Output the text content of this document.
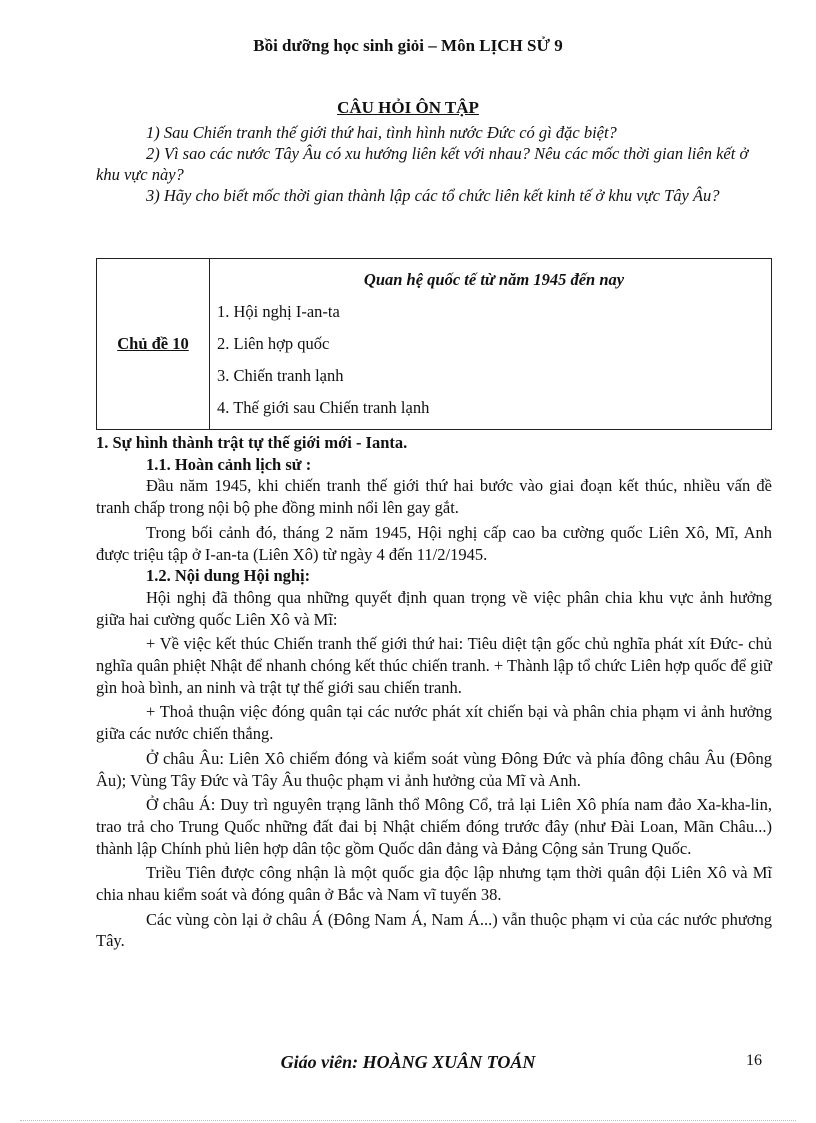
Bồi dưỡng học sinh giỏi – Môn LỊCH SỬ 9
CÂU HỎI ÔN TẬP

1) Sau Chiến tranh thế giới thứ hai, tình hình nước Đức có gì đặc biệt?

2) Vì sao các nước Tây Âu có xu hướng liên kết với nhau? Nêu các mốc thời gian liên kết ở khu vực này?

3) Hãy cho biết mốc thời gian thành lập các tổ chức liên kết kinh tế ở khu vực Tây Âu?

Chủ đề 10	
Quan hệ quốc tế từ năm 1945 đến nay
1. Hội nghị I-an-ta
2. Liên hợp quốc
3. Chiến tranh lạnh
4. Thế giới sau Chiến tranh lạnh

1. Sự hình thành trật tự thế giới mới - Ianta.

1.1. Hoàn cảnh lịch sử :

Đầu năm 1945, khi chiến tranh thế giới thứ hai bước vào giai đoạn kết thúc, nhiều vấn đề tranh chấp trong nội bộ phe đồng minh nổi lên gay gắt.

Trong bối cảnh đó, tháng 2 năm 1945, Hội nghị cấp cao ba cường quốc Liên Xô, Mĩ, Anh được triệu tập ở I-an-ta (Liên Xô) từ ngày 4 đến 11/2/1945.

1.2. Nội dung Hội nghị:

Hội nghị đã thông qua những quyết định quan trọng về việc phân chia khu vực ảnh hưởng giữa hai cường quốc Liên Xô và Mĩ:

+ Về việc kết thúc Chiến tranh thế giới thứ hai: Tiêu diệt tận gốc chủ nghĩa phát xít Đức- chủ nghĩa quân phiệt Nhật để nhanh chóng kết thúc chiến tranh. + Thành lập tổ chức Liên hợp quốc để giữ gìn hoà bình, an ninh và trật tự thế giới sau chiến tranh.

+ Thoả thuận việc đóng quân tại các nước phát xít chiến bại và phân chia phạm vi ảnh hưởng giữa các nước chiến thắng.

Ở châu Âu: Liên Xô chiếm đóng và kiểm soát vùng Đông Đức và phía đông châu Âu (Đông Âu); Vùng Tây Đức và Tây Âu thuộc phạm vi ảnh hưởng của Mĩ và Anh.

Ở châu Á: Duy trì nguyên trạng lãnh thổ Mông Cổ, trả lại Liên Xô phía nam đảo Xa-kha-lin, trao trả cho Trung Quốc những đất đai bị Nhật chiếm đóng trước đây (như Đài Loan, Mãn Châu...) thành lập Chính phủ liên hợp dân tộc gồm Quốc dân đảng và Đảng Cộng sản Trung Quốc.

Triều Tiên được công nhận là một quốc gia độc lập nhưng tạm thời quân đội Liên Xô và Mĩ chia nhau kiểm soát và đóng quân ở Bắc và Nam vĩ tuyến 38.

Các vùng còn lại ở châu Á (Đông Nam Á, Nam Á...) vẫn thuộc phạm vi của các nước phương Tây.

Giáo viên: HOÀNG XUÂN TOÁN	16
